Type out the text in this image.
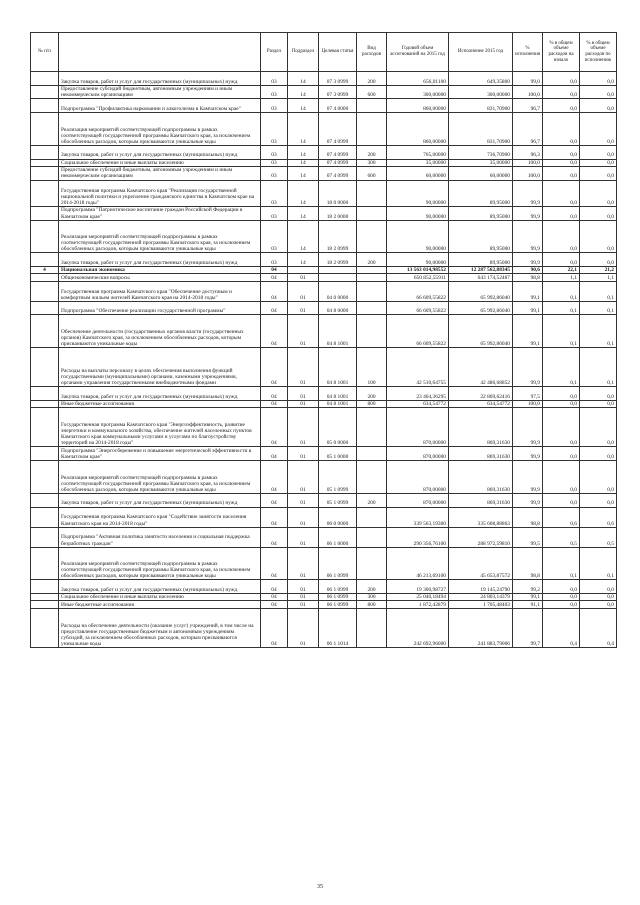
№ п/п		Раздел	Подраздел	Целевая статья	Вид расходов	Годовой объем ассигнований на 2015 год	Исполнение 2015 год	% исполнения	% в общем объеме расходов на начало	% в общем объеме расходов по исполнению
	Закупка товаров, работ и услуг для государственных (муниципальных) нужд	03	14	07 3 0999	200	656,01100	649,35800	99,0	0,0	0,0
	Предоставление субсидий бюджетным, автономным учреждениям и иным некоммерческим организациям	03	14	07 3 0999	600	300,00000	300,00000	100,0	0,0	0,0
	Подпрограмма "Профилактика наркомании и алкоголизма в Камчатском крае"	03	14	07 4 0000		860,00000	831,70900	96,7	0,0	0,0
	Реализация мероприятий соответствующей подпрограммы в рамках соответствующей государственной программы Камчатского края, за исключением обособленных расходов, которым присваиваются уникальные коды	03	14	07 4 0999		860,00000	831,70900	96,7	0,0	0,0
	Закупка товаров, работ и услуг для государственных (муниципальных) нужд	03	14	07 4 0999	200	765,00000	736,70900	96,3	0,0	0,0
	Социальное обеспечение и иные выплаты населению	03	14	07 4 0999	300	35,00000	35,00000	100,0	0,0	0,0
	Предоставление субсидий бюджетным, автономным учреждениям и иным некоммерческим организациям	03	14	07 4 0999	600	60,00000	60,00000	100,0	0,0	0,0
	Государственная программа Камчатского края "Реализация государственной национальной политики и укрепление гражданского единства в Камчатском крае на 2014-2018 годы"	03	14	18 0 0000		90,00000	89,95000	99,9	0,0	0,0
	Подпрограмма "Патриотическое воспитание граждан Российской Федерации в Камчатском крае"	03	14	18 2 0000		90,00000	89,95000	99,9	0,0	0,0
	Реализация мероприятий соответствующей подпрограммы в рамках соответствующей государственной программы Камчатского края, за исключением обособленных расходов, которым присваиваются уникальные коды	03	14	18 2 0999		90,00000	89,95000	99,9	0,0	0,0
	Закупка товаров, работ и услуг для государственных (муниципальных) нужд	03	14	18 2 0999	200	90,00000	89,95000	99,9	0,0	0,0
4	Национальная экономика	04				13 563 014,98552	12 287 562,88345	90,6	22,1	21,2
	Общеэкономические вопросы	04	01			650 852,55911	643 174,52487	98,8	1,1	1,1
	Государственная программа Камчатского края "Обеспечение доступным и комфортным жильем жителей Камчатского края на 2014-2018 годы"	04	01	04 0 0000		66 609,55822	65 992,86040	99,1	0,1	0,1
	Подпрограмма "Обеспечение реализации государственной программы"	04	01	04 8 0000		66 609,55822	65 992,86040	99,1	0,1	0,1
	Обеспечение деятельности (государственных органов власти (государственных органов) Камчатского края, за исключением обособленных расходов, которым присваиваются уникальные коды	04	01	04 8 1001		66 609,55822	65 992,86040	99,1	0,1	0,1
	Расходы на выплаты персоналу в целях обеспечения выполнения функций государственными (муниципальными) органами, казенными учреждениями, органами управления государственными внебюджетными фондами	04	01	04 8 1001	100	42 510,64755	42 486,68852	99,9	0,1	0,1
	Закупка товаров, работ и услуг для государственных (муниципальных) нужд	04	01	04 8 1001	200	23 464,36295	22 869,62416	97,5	0,0	0,0
	Иные бюджетные ассигнования	04	01	04 8 1001	800	634,54772	634,54772	100,0	0,0	0,0
	Государственная программа Камчатского края "Энергоэффективность, развитие энергетики и коммунального хозяйства, обеспечение жителей населенных пунктов Камчатского края коммунальными услугами и услугами по благоустройству территорий на 2014-2018 годы"	04	01	05 0 0000		870,00000	869,31630	99,9	0,0	0,0
	Подпрограмма "Энергосбережение и повышение энергетической эффективности в Камчатском крае"	04	01	05 1 0000		870,00000	869,31630	99,9	0,0	0,0
	Реализация мероприятий соответствующей подпрограммы в рамках соответствующей государственной программы Камчатского края, за исключением обособленных расходов, которым присваиваются уникальные коды	04	01	05 1 0999		870,00000	869,31630	99,9	0,0	0,0
	Закупка товаров, работ и услуг для государственных (муниципальных) нужд	04	01	05 1 0999	200	870,00000	869,31630	99,9	0,0	0,0
	Государственная программа Камчатского края "Содействие занятости населения Камчатского края на 2014-2018 годы"	04	01	06 0 0000		339 563,19300	335 608,88863	98,8	0,6	0,6
	Подпрограмма "Активная политика занятости населения и социальная поддержка безработных граждан"	04	01	06 1 0000		290 356,76100	288 972,59810	99,5	0,5	0,5
	Реализация мероприятий соответствующей подпрограммы в рамках соответствующей государственной программы Камчатского края, за исключением обособленных расходов, которым присваиваются уникальные коды	04	01	06 1 0999		46 213,69100	45 653,87572	98,8	0,1	0,1
	Закупка товаров, работ и услуг для государственных (муниципальных) нужд	04	01	06 1 0999	200	19 300,98727	19 145,24790	99,2	0,0	0,0
	Социальное обеспечение и иные выплаты населению	04	01	06 1 0999	300	25 040,18494	24 803,14379	99,1	0,0	0,0
	Иные бюджетные ассигнования	04	01	06 1 0999	800	1 872,42879	1 705,48403	91,1	0,0	0,0
	Расходы на обеспечение деятельности (оказание услуг) учреждений, в том числе на предоставление государственным бюджетным и автономным учреждениям субсидий, за исключением обособленных расходов, которым присваиваются уникальные коды	04	01	06 1 1014		242 692,96000	241 883,79006	99,7	0,4	0,4
35
